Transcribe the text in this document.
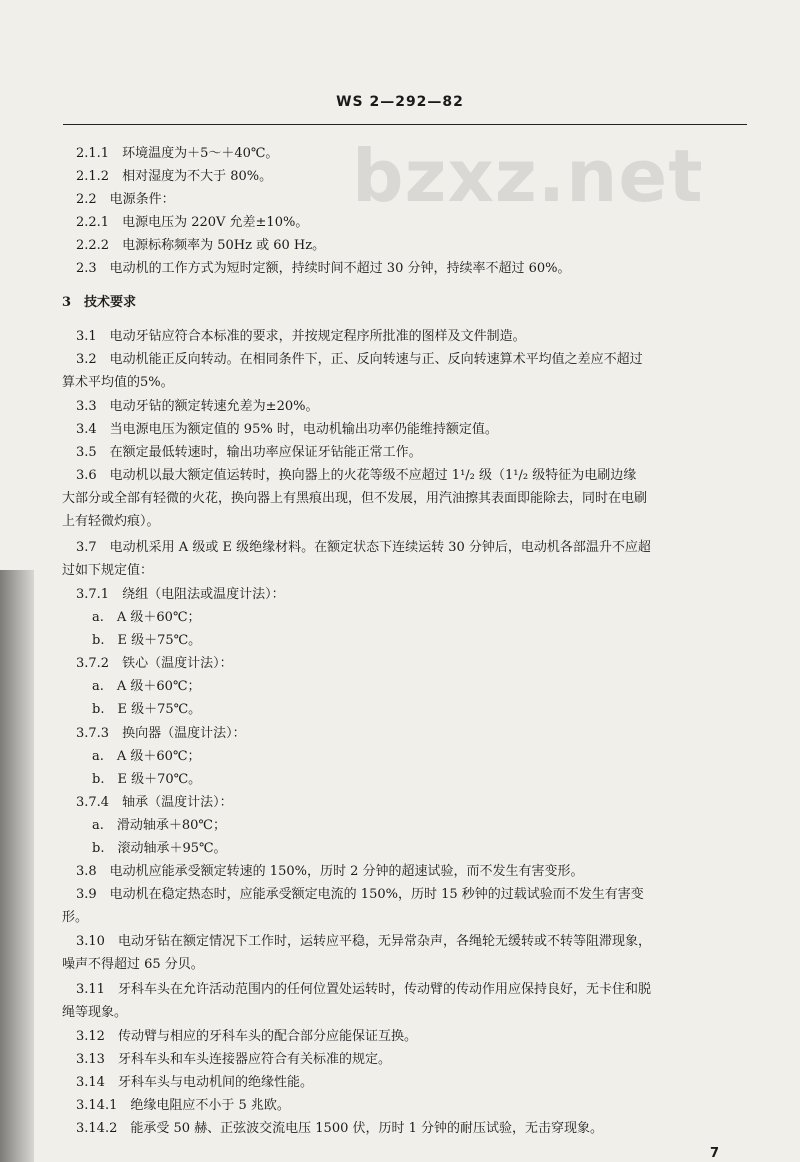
WS 2—292—82
bzxz.net
2.1.1　环境温度为＋5～＋40℃。
2.1.2　相对湿度为不大于 80%。
2.2　电源条件：
2.2.1　电源电压为 220V 允差±10%。
2.2.2　电源标称频率为 50Hz 或 60 Hz。
2.3　电动机的工作方式为短时定额，持续时间不超过 30 分钟，持续率不超过 60%。
3　技术要求
3.1　电动牙钻应符合本标准的要求，并按规定程序所批准的图样及文件制造。
3.2　电动机能正反向转动。在相同条件下，正、反向转速与正、反向转速算术平均值之差应不超过
算术平均值的5%。
3.3　电动牙钻的额定转速允差为±20%。
3.4　当电源电压为额定值的 95% 时，电动机输出功率仍能维持额定值。
3.5　在额定最低转速时，输出功率应保证牙钻能正常工作。
3.6　电动机以最大额定值运转时，换向器上的火花等级不应超过 1¹/₂ 级（1¹/₂ 级特征为电刷边缘
大部分或全部有轻微的火花，换向器上有黑痕出现，但不发展，用汽油擦其表面即能除去，同时在电刷
上有轻微灼痕）。
3.7　电动机采用 A 级或 E 级绝缘材料。在额定状态下连续运转 30 分钟后，电动机各部温升不应超
过如下规定值：
3.7.1　绕组（电阻法或温度计法）：
a.　A 级＋60℃；
b.　E 级＋75℃。
3.7.2　铁心（温度计法）：
a.　A 级＋60℃；
b.　E 级＋75℃。
3.7.3　换向器（温度计法）：
a.　A 级＋60℃；
b.　E 级＋70℃。
3.7.4　轴承（温度计法）：
a.　滑动轴承＋80℃；
b.　滚动轴承＋95℃。
3.8　电动机应能承受额定转速的 150%，历时 2 分钟的超速试验，而不发生有害变形。
3.9　电动机在稳定热态时，应能承受额定电流的 150%，历时 15 秒钟的过载试验而不发生有害变
形。
3.10　电动牙钻在额定情况下工作时，运转应平稳，无异常杂声，各绳轮无缓转或不转等阻滞现象，
噪声不得超过 65 分贝。
3.11　牙科车头在允许活动范围内的任何位置处运转时，传动臂的传动作用应保持良好，无卡住和脱
绳等现象。
3.12　传动臂与相应的牙科车头的配合部分应能保证互换。
3.13　牙科车头和车头连接器应符合有关标准的规定。
3.14　牙科车头与电动机间的绝缘性能。
3.14.1　绝缘电阻应不小于 5 兆欧。
3.14.2　能承受 50 赫、正弦波交流电压 1500 伏，历时 1 分钟的耐压试验，无击穿现象。
7
